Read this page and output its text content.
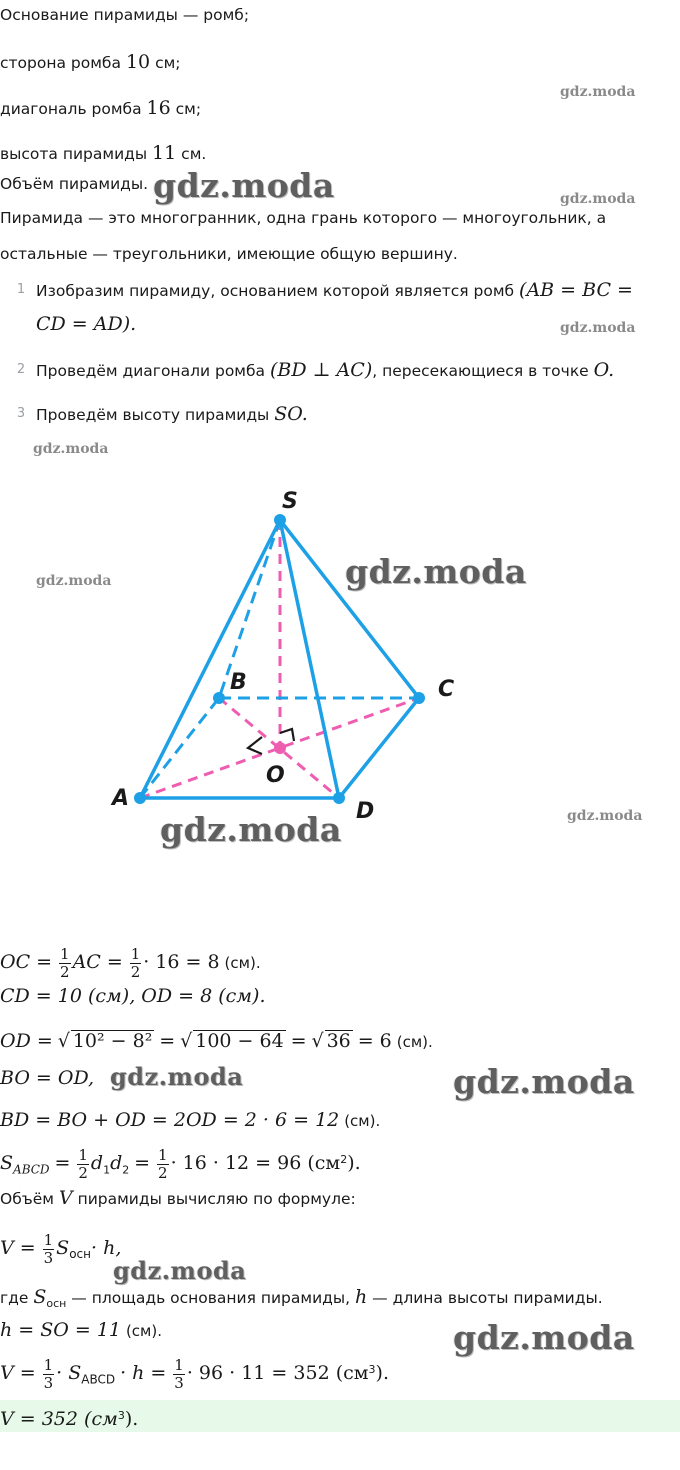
Основание пирамиды — ромб;
сторона ромба 10 см;
диагональ ромба 16 см;
высота пирамиды 11 см.
Объём пирамиды.
Пирамида — это многогранник, одна грань которого — многоугольник, а
остальные — треугольники, имеющие общую вершину.
1 Изобразим пирамиду, основанием которой является ромб (AB = BC =
CD = AD).
2 Проведём диагонали ромба (BD ⊥ AC), пересекающиеся в точке O.
3 Проведём высоту пирамиды SO.
S
B	C
A
O
D
OC = $\frac{1}{2}$ AC = $\frac{1}{2} \cdot 16 = 8$ (см).
CD = 10 (см), OD = 8 (см).
OD = √ 10² − 8² = √ 100 − 64 = √ 36 = 6 (см).
BO = OD,
BD = BO + OD = 2OD = 2 · 6 = 12 (см).
$S_{ABCD} = \frac{1}{2} d_1d_2 = \frac{1}{2} \cdot 16 \cdot 12 = 96$ $(см^2)$.
Объём V пирамиды вычисляю по формуле:
$V = \frac{1}{3} S_{осн}\cdot h$,
где $S_{осн}$ — площадь основания пирамиды, h — длина высоты пирамиды.
h = SO = 11 (см).
$V = \frac{1}{3} \cdot S_{ABCD} \cdot h = \frac{1}{3} \cdot 96 \cdot 11 = 352$ $(см^3)$.
V = 352 $(см^3)$.
gdz.moda
gdz.moda	gdz.moda
gdz.moda
gdz.moda
gdz.moda	gdz.moda
gdz.moda	gdz.moda
gdz.moda	gdz.moda
gdz.moda
gdz.moda
